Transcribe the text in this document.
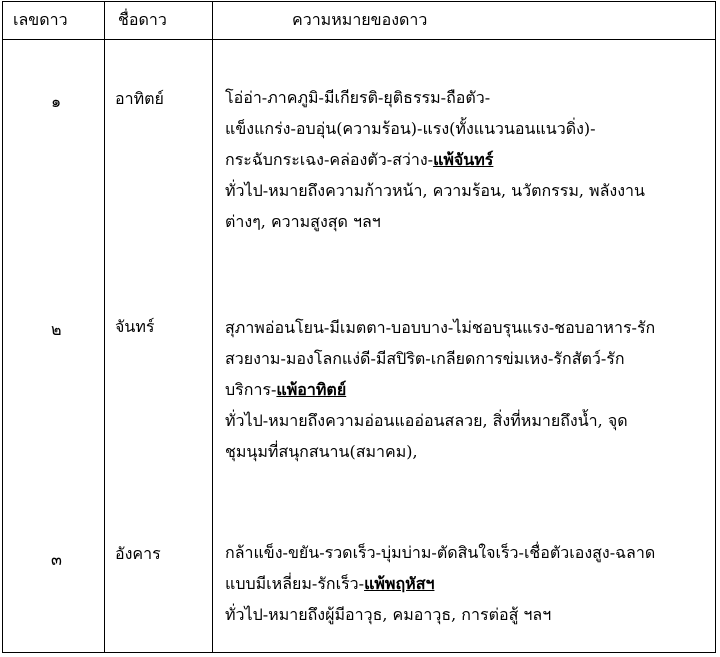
เลขดาว	ชื่อดาว	ความหมายของดาว
๑	อาทิตย์	โอ่อ่า-ภาคภูมิ-มีเกียรติ-ยุติธรรม-ถือตัว-
แข็งแกร่ง-อบอุ่น(ความร้อน)-แรง(ทั้งแนวนอนแนวดิ่ง)-
กระฉับกระเฉง-คล่องตัว-สว่าง-แพ้จันทร์
ทั่วไป-หมายถึงความก้าวหน้า, ความร้อน, นวัตกรรม, พลังงาน
ต่างๆ, ความสูงสุด ฯลฯ
๒	จันทร์	สุภาพอ่อนโยน-มีเมตตา-บอบบาง-ไม่ชอบรุนแรง-ชอบอาหาร-รัก
สวยงาม-มองโลกแง่ดี-มีสปิริต-เกลียดการข่มเหง-รักสัตว์-รัก
บริการ-แพ้อาทิตย์
ทั่วไป-หมายถึงความอ่อนแออ่อนสลวย, สิ่งที่หมายถึงน้ำ, จุด
ชุมนุมที่สนุกสนาน(สมาคม),
๓	อังคาร	กล้าแข็ง-ขยัน-รวดเร็ว-บุ่มบ่าม-ตัดสินใจเร็ว-เชื่อตัวเองสูง-ฉลาด
แบบมีเหลี่ยม-รักเร็ว-แพ้พฤหัสฯ
ทั่วไป-หมายถึงผู้มีอาวุธ, คมอาวุธ, การต่อสู้ ฯลฯ
